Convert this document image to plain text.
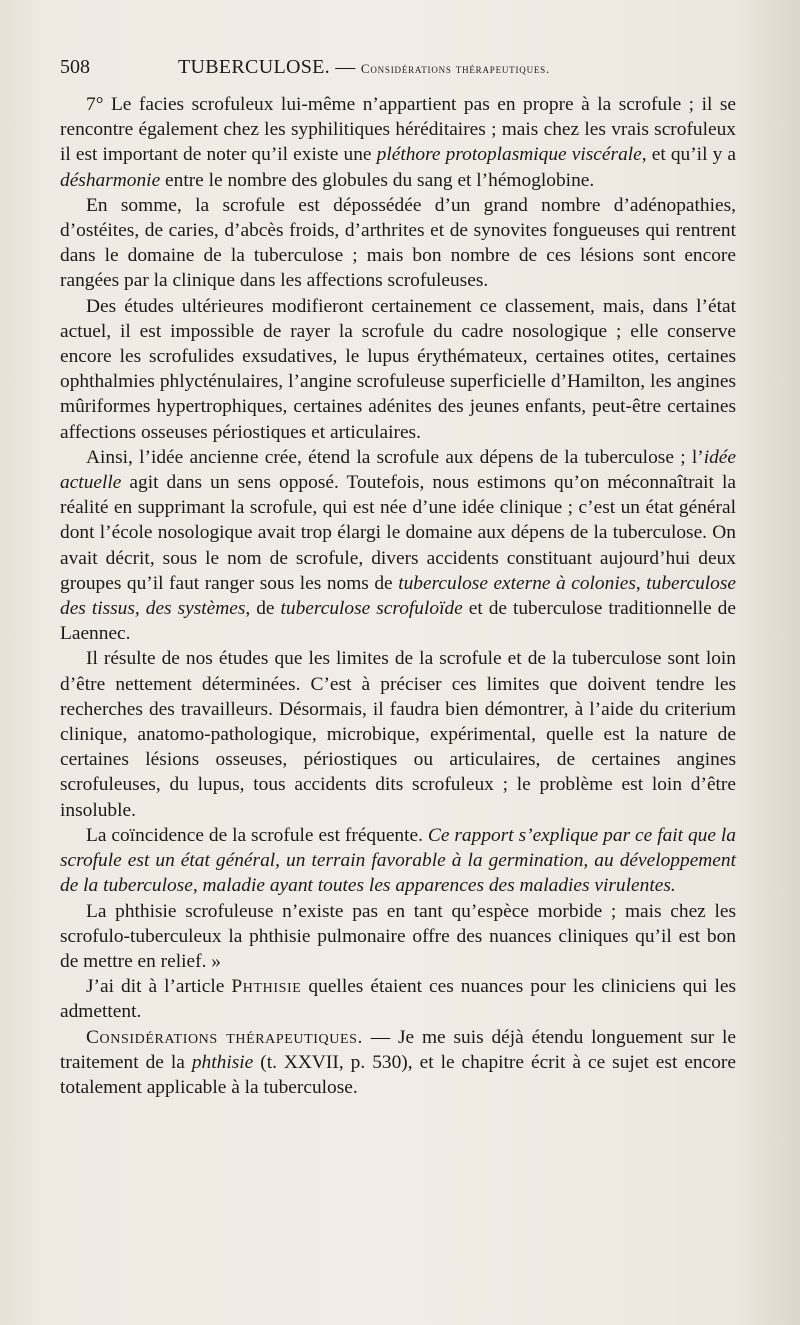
508	TUBERCULOSE. — Considérations thérapeutiques.

7° Le facies scrofuleux lui-même n’appartient pas en propre à la scrofule ; il se rencontre également chez les syphilitiques héréditaires ; mais chez les vrais scrofuleux il est important de noter qu’il existe une pléthore protoplasmique viscérale, et qu’il y a désharmonie entre le nombre des globules du sang et l’hémoglobine.

En somme, la scrofule est dépossédée d’un grand nombre d’adénopathies, d’ostéites, de caries, d’abcès froids, d’arthrites et de synovites fongueuses qui rentrent dans le domaine de la tuberculose ; mais bon nombre de ces lésions sont encore rangées par la clinique dans les affections scrofuleuses.

Des études ultérieures modifieront certainement ce classement, mais, dans l’état actuel, il est impossible de rayer la scrofule du cadre nosologique ; elle conserve encore les scrofulides exsudatives, le lupus érythémateux, certaines otites, certaines ophthalmies phlycténulaires, l’angine scrofuleuse superficielle d’Hamilton, les angines mûriformes hypertrophiques, certaines adénites des jeunes enfants, peut-être certaines affections osseuses périostiques et articulaires.

Ainsi, l’idée ancienne crée, étend la scrofule aux dépens de la tuberculose ; l’idée actuelle agit dans un sens opposé. Toutefois, nous estimons qu’on méconnaîtrait la réalité en supprimant la scrofule, qui est née d’une idée clinique ; c’est un état général dont l’école nosologique avait trop élargi le domaine aux dépens de la tuberculose. On avait décrit, sous le nom de scrofule, divers accidents constituant aujourd’hui deux groupes qu’il faut ranger sous les noms de tuberculose externe à colonies, tuberculose des tissus, des systèmes, de tuberculose scrofuloïde et de tuberculose traditionnelle de Laennec.

Il résulte de nos études que les limites de la scrofule et de la tuberculose sont loin d’être nettement déterminées. C’est à préciser ces limites que doivent tendre les recherches des travailleurs. Désormais, il faudra bien démontrer, à l’aide du criterium clinique, anatomo-pathologique, microbique, expérimental, quelle est la nature de certaines lésions osseuses, périostiques ou articulaires, de certaines angines scrofuleuses, du lupus, tous accidents dits scrofuleux ; le problème est loin d’être insoluble.

La coïncidence de la scrofule est fréquente. Ce rapport s’explique par ce fait que la scrofule est un état général, un terrain favorable à la germination, au développement de la tuberculose, maladie ayant toutes les apparences des maladies virulentes.

La phthisie scrofuleuse n’existe pas en tant qu’espèce morbide ; mais chez les scrofulo-tuberculeux la phthisie pulmonaire offre des nuances cliniques qu’il est bon de mettre en relief. »

J’ai dit à l’article Phthisie quelles étaient ces nuances pour les cliniciens qui les admettent.

Considérations thérapeutiques. — Je me suis déjà étendu longuement sur le traitement de la phthisie (t. XXVII, p. 530), et le chapitre écrit à ce sujet est encore totalement applicable à la tuberculose.
